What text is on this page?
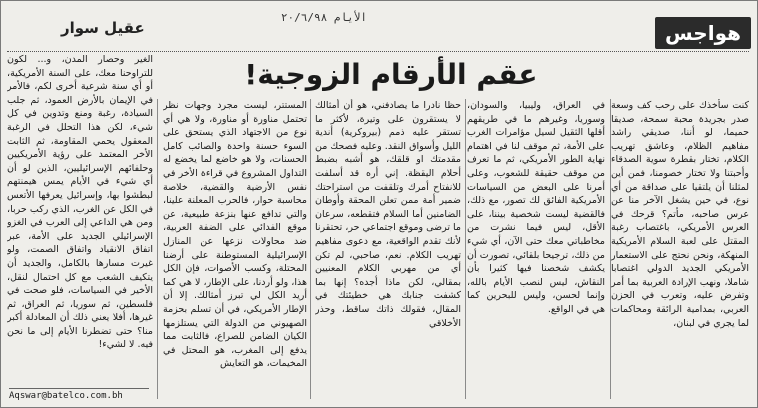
هواجس
الأيام ٢٠/٦/٩٨
عقيل سوار
عقم الأرقام الزوجية!
كنت سأخذك على رحب كف وسعة صدر بجريدة محبة سمحة، صديقا حميما، لو أننا، صديقي راشد مفاهيم الظلام، وعاشق تهريب الكلام، تختار بقطرة سوية الصدقاء وأحبتنا ولا تختار خصومنا، فمن أين لمثلنا أن يلتقيا على صداقة من أي نوع، في حين يشغل الآخر منا عن عرس صاحبه، مأتم؟ قرحك في العرس الأمريكي، باغتصاب رغبة المقتل على لعبة السلام الأمريكية المنهكة، ونحن نحتج على الاستعمار الأمريكي الجديد الدولي اغتصابا شاملا، ونهب الإرادة العربية بما أمر وتفرض عليه، وتعرب في الحزن العربي، بمدامية الرائقة ومحاكمات لما يجري في لبنان،
في العراق، وليبيا، والسودان، وسوريا، وغيرهم ما في طريقهم أقلها الثقيل لسيل مؤامرات الغرب على الأمة، ثم موقف لنا في اهتمام نهاية الطور الأمريكي، ثم ما تعرف من موقف حقيقة للشعوب، وعلى أمرنا على البعض من السياسات الأمريكية الفائق لك تصور، مع ذلك، فالقضية ليست شخصية بيننا، على الأقل، ليس فيما نشرت من مخاطباتي معك حتى الآن، أي شيء من ذلك، ترجيحا بلقائي، تصورت أن يكشف شخصنا فيها كثيرا بأن النقاش، ليس لنصب الأيام بالله، وإنما لحسن، وليس للبحرين كما هي في الواقع.
حظا نادرا ما يصادفني، هو أن أمثالك لا يستقرون على وتيرة، لأكثر ما تستقر عليه ذمم (بيروكرية) أندية الليل وأسواق النقد. وعليه فصحك من مقدمتك او قلقك، هو أشبه بضبط أحلام اليقظة. إني أره قد أسلفت للانفتاح أمرك وتلقفت من استراحتك ضمير أمة ممن تعلن المحقة وأوطان الضامنين أما السلام فتقطعه، سرعان ما ترضى وموقع اجتماعي حر، تحتقرنا لأنك تقدم الواقعية، مع دعوى مفاهيم تهريب الكلام. نعم، صاحبي، لم تكن أي من مهربي الكلام المعنيين بمقالي، لكن ماذا أجده؟ إنها بما كشفت جنابك هي خطيئتك في المقال، فقولك ذاتك ساقط، وحذر الأخلاقي
المستتر، ليست مجرد وجهات نظر تحتمل مناورة أو مناورة، ولا هي أي نوع من الاجتهاد الذي يستحق على السوء حسنة واحدة والصائب كامل الحسنات، ولا هو خاضع لما يخضع له التداول المشروع في قراءة الأخر في نفس الأرضية والقضية، خلاصة محاسبة حوار، فالحرب المعلنة علينا، والتي تدافع عنها بنزعة طبيعية، عن موقع الفدائي على الضفة العربية، ضد محاولات نزعها عن المنازل الإسرائيلية المستوطنة على أرضنا المحتلة، وكسب الأصوات، فإن الكل هذا، ولو أردنا، على الإطار، لا هي كما أريد الكل لي تبرز أمثالك. إلا أن الإطار الأمريكي، في أن تسلم بحزمة الصهيوني من الدولة التي يستلزمها الكيان الضامن للصراع، فالثابت مما يدفع إلى المغرب، هو المحتل في المخيمات، هو التعايش
الغير وحصار المدن، و... لكون للتراوحنا معك، على السنة الأمريكية، أو أي سنة شرعية أخرى لكم، فالأمر في الإيمان بالأرض العمود، ثم جلب السيادة، رغبة ومنع وتدوين في كل شيء، لكن هذا التحلل في الرغبة المعقول يحمي المقاومة، ثم الثابت الأخر المعتمد على رؤية الأمريكيين وحلفائهم الإسرائيليين، الذين لو أن أي شيء في الأيام يمس هيمنتهم لبطشوا بها، وإسرائيل يعرفها الأتعس في الكل عن الغرب، الذي ركب حربا، ومن هي الداعي إلى العرب في الغزو الإسرائيلي الجديد على الأمة، عبر اتفاق الانقياد واتفاق الصمت، ولو غيرت مسارها بالكامل، والجديد أن يتكيف الشعب مع كل احتمال لنقل، الأخير في السياسات، فلو صحت في فلسطين، ثم سوريا، ثم العراق، ثم غيرها، أفلا يعني ذلك أن المعادلة أكبر منا؟ حتى تضطرنا الأيام إلى ما نحن فيه. لا لشيء!
Aqswar@batelco.com.bh
